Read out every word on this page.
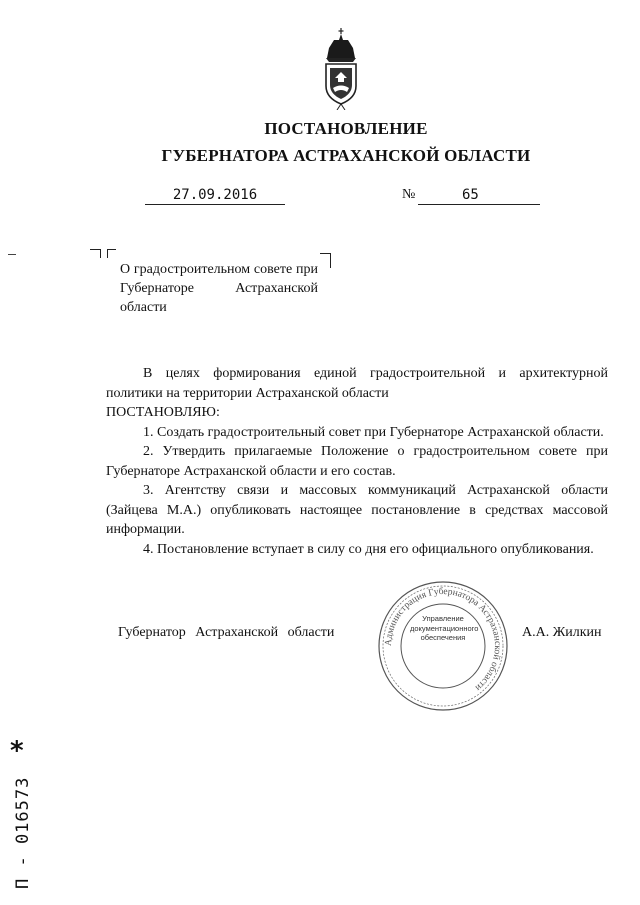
ПОСТАНОВЛЕНИЕ
ГУБЕРНАТОРА АСТРАХАНСКОЙ ОБЛАСТИ
27.09.2016	№	65
О градостроительном совете при Губернаторе Астраханской области

В целях формирования единой градостроительной и архитектурной политики на территории Астраханской области

ПОСТАНОВЛЯЮ:

1. Создать градостроительный совет при Губернаторе Астраханской области.

2. Утвердить прилагаемые Положение о градостроительном совете при Губернаторе Астраханской области и его состав.

3. Агентству связи и массовых коммуникаций Астраханской области (Зайцева М.А.) опубликовать настоящее постановление в средствах массовой информации.

4. Постановление вступает в силу со дня его официального опубликования.

Администрация Губернатора Астраханской области
Управление
документационного
обеспечения
Губернатор Астраханской области	А.А. Жилкин
*
П - 016573
